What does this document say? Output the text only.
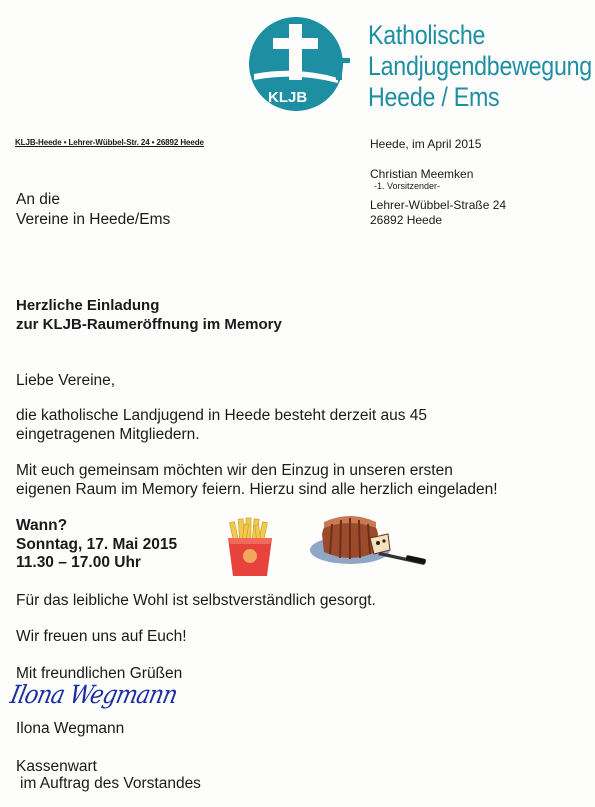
KLJB
Katholische
Landjugendbewegung
Heede / Ems
KLJB-Heede • Lehrer-Wübbel-Str. 24 • 26892 Heede	Heede, im April 2015
Christian Meemken
-1. Vorsitzender-
Lehrer-Wübbel-Straße 24
26892 Heede
An die
Vereine in Heede/Ems
Herzliche Einladung
zur KLJB-Raumeröffnung im Memory
Liebe Vereine,
die katholische Landjugend in Heede besteht derzeit aus 45
eingetragenen Mitgliedern.
Mit euch gemeinsam möchten wir den Einzug in unseren ersten
eigenen Raum im Memory feiern. Hierzu sind alle herzlich eingeladen!
Wann?
Sonntag, 17. Mai 2015
11.30 – 17.00 Uhr
Für das leibliche Wohl ist selbstverständlich gesorgt.
Wir freuen uns auf Euch!
Mit freundlichen Grüßen
Ilona Wegmann
Ilona Wegmann
Kassenwart
im Auftrag des Vorstandes
